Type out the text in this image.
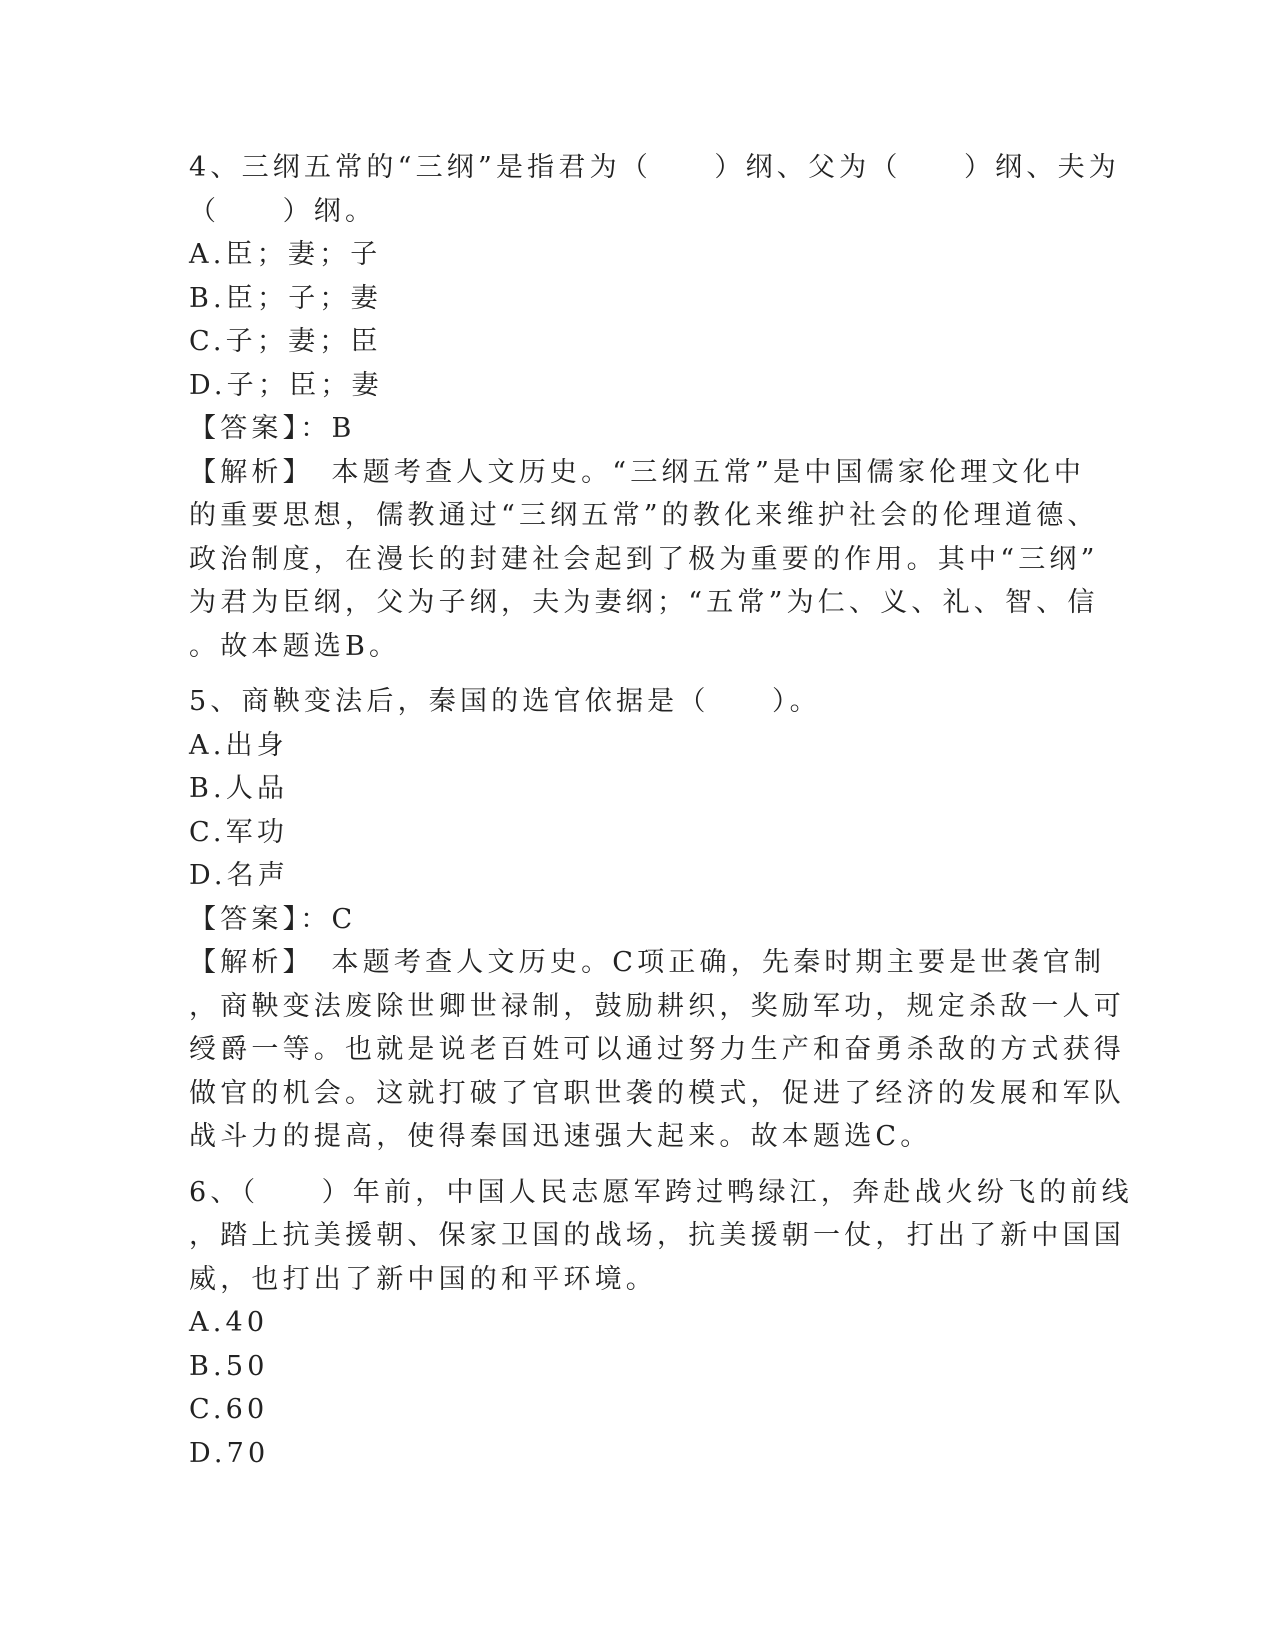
4、三纲五常的“三纲”是指君为（　　）纲、父为（　　）纲、夫为
（　　）纲。
A.臣；妻；子
B.臣；子；妻
C.子；妻；臣
D.子；臣；妻
【答案】：B
【解析】　本题考查人文历史。“三纲五常”是中国儒家伦理文化中
的重要思想，儒教通过“三纲五常”的教化来维护社会的伦理道德、
政治制度，在漫长的封建社会起到了极为重要的作用。其中“三纲”
为君为臣纲，父为子纲，夫为妻纲；“五常”为仁、义、礼、智、信
。故本题选B。
5、商鞅变法后，秦国的选官依据是（　　）。
A.出身
B.人品
C.军功
D.名声
【答案】：C
【解析】　本题考查人文历史。C项正确，先秦时期主要是世袭官制
，商鞅变法废除世卿世禄制，鼓励耕织，奖励军功，规定杀敌一人可
绶爵一等。也就是说老百姓可以通过努力生产和奋勇杀敌的方式获得
做官的机会。这就打破了官职世袭的模式，促进了经济的发展和军队
战斗力的提高，使得秦国迅速强大起来。故本题选C。
6、（　　）年前，中国人民志愿军跨过鸭绿江，奔赴战火纷飞的前线
，踏上抗美援朝、保家卫国的战场，抗美援朝一仗，打出了新中国国
威，也打出了新中国的和平环境。
A.40
B.50
C.60
D.70
